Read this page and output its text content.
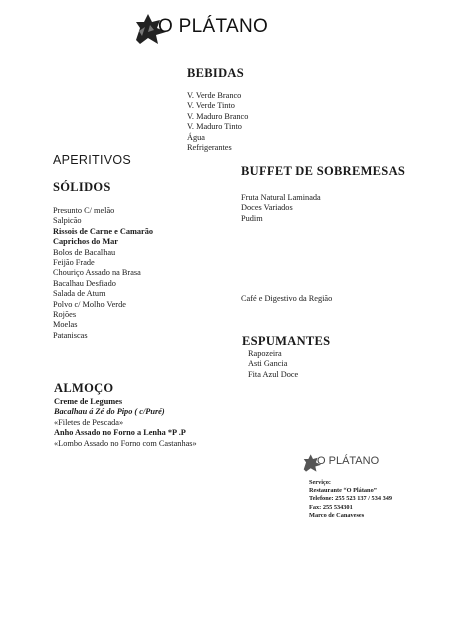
O PLÁTANO
BEBIDAS
V. Verde Branco
V. Verde Tinto
V. Maduro Branco
V. Maduro Tinto
Água
Refrigerantes
APERITIVOS
SÓLIDOS
Presunto C/ melão
Salpicão
Rissois de Carne e Camarão
Caprichos do Mar
Bolos de Bacalhau
Feijão Frade
Chouriço Assado na Brasa
Bacalhau Desfiado
Salada de Atum
Polvo c/ Molho Verde
Rojões
Moelas
Pataniscas
BUFFET DE SOBREMESAS
Fruta Natural Laminada
Doces Variados
Pudim
Café e Digestivo da Região
ESPUMANTES
Rapozeira
Asti Gancia
Fita Azul Doce
ALMOÇO
Creme de Legumes
Bacalhau á Zé do Pipo ( c/Puré)
«Filetes de Pescada»
Anho Assado no Forno a Lenha *P .P
«Lombo Assado no Forno com Castanhas»
O PLÁTANO
Serviço:
Restaurante “O Plátano”
Telefone: 255 523 137 / 534 349
Fax: 255 534301
Marco de Canaveses
